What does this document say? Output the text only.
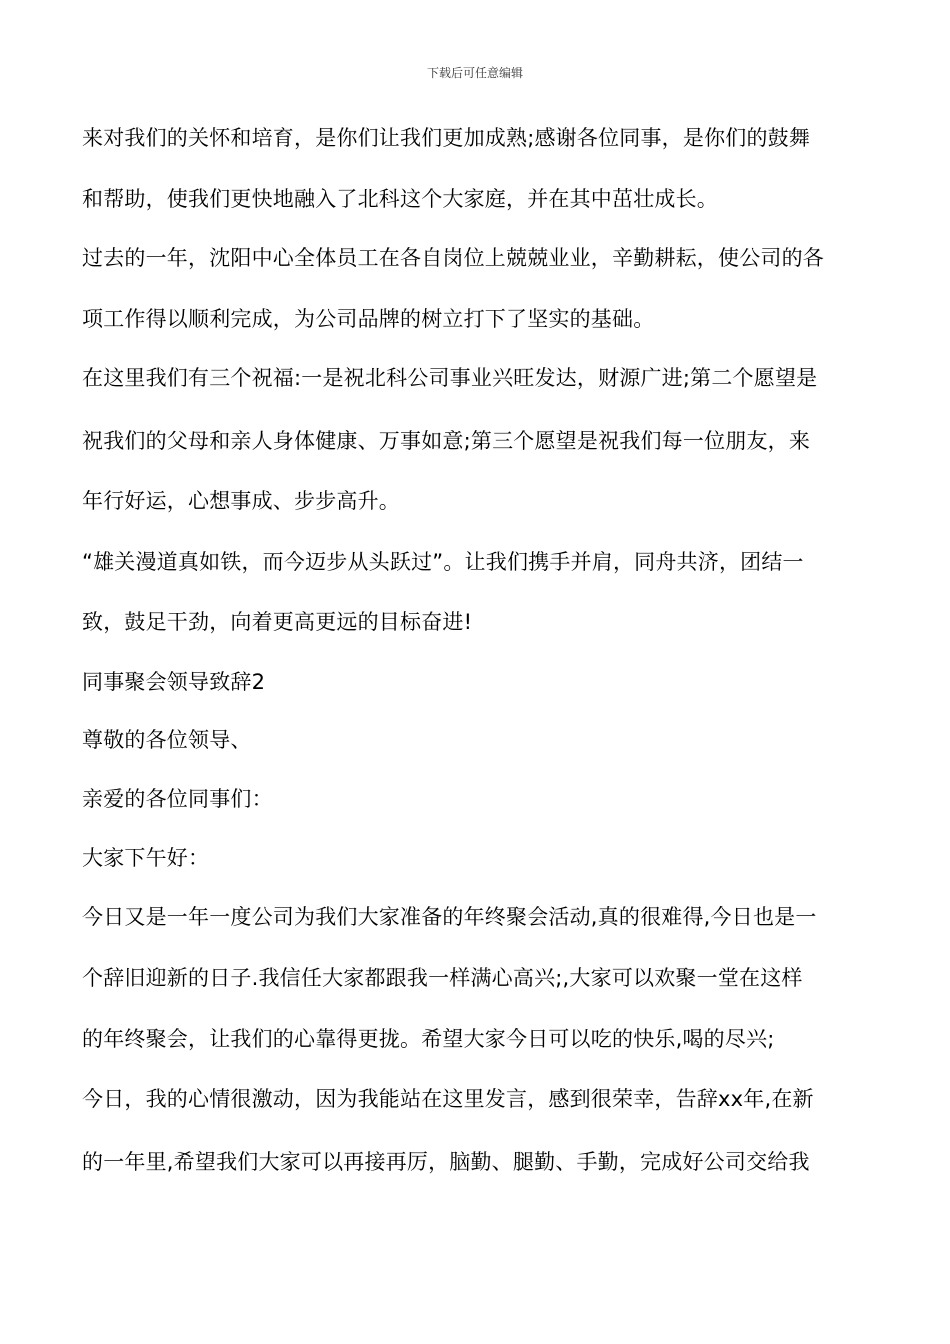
下载后可任意编辑
来对我们的关怀和培育，是你们让我们更加成熟;感谢各位同事，是你们的鼓舞
和帮助，使我们更快地融入了北科这个大家庭，并在其中茁壮成长。
过去的一年，沈阳中心全体员工在各自岗位上兢兢业业，辛勤耕耘，使公司的各
项工作得以顺利完成，为公司品牌的树立打下了坚实的基础。
在这里我们有三个祝福:一是祝北科公司事业兴旺发达，财源广进;第二个愿望是
祝我们的父母和亲人身体健康、万事如意;第三个愿望是祝我们每一位朋友，来
年行好运，心想事成、步步高升。
“雄关漫道真如铁，而今迈步从头跃过”。让我们携手并肩，同舟共济，团结一
致，鼓足干劲，向着更高更远的目标奋进!
同事聚会领导致辞2
尊敬的各位领导、
亲爱的各位同事们：
大家下午好：
今日又是一年一度公司为我们大家准备的年终聚会活动,真的很难得,今日也是一
个辞旧迎新的日子.我信任大家都跟我一样满心高兴;,大家可以欢聚一堂在这样
的年终聚会，让我们的心靠得更拢。希望大家今日可以吃的快乐,喝的尽兴;
今日，我的心情很激动，因为我能站在这里发言，感到很荣幸，告辞xx年,在新
的一年里,希望我们大家可以再接再厉，脑勤、腿勤、手勤，完成好公司交给我
